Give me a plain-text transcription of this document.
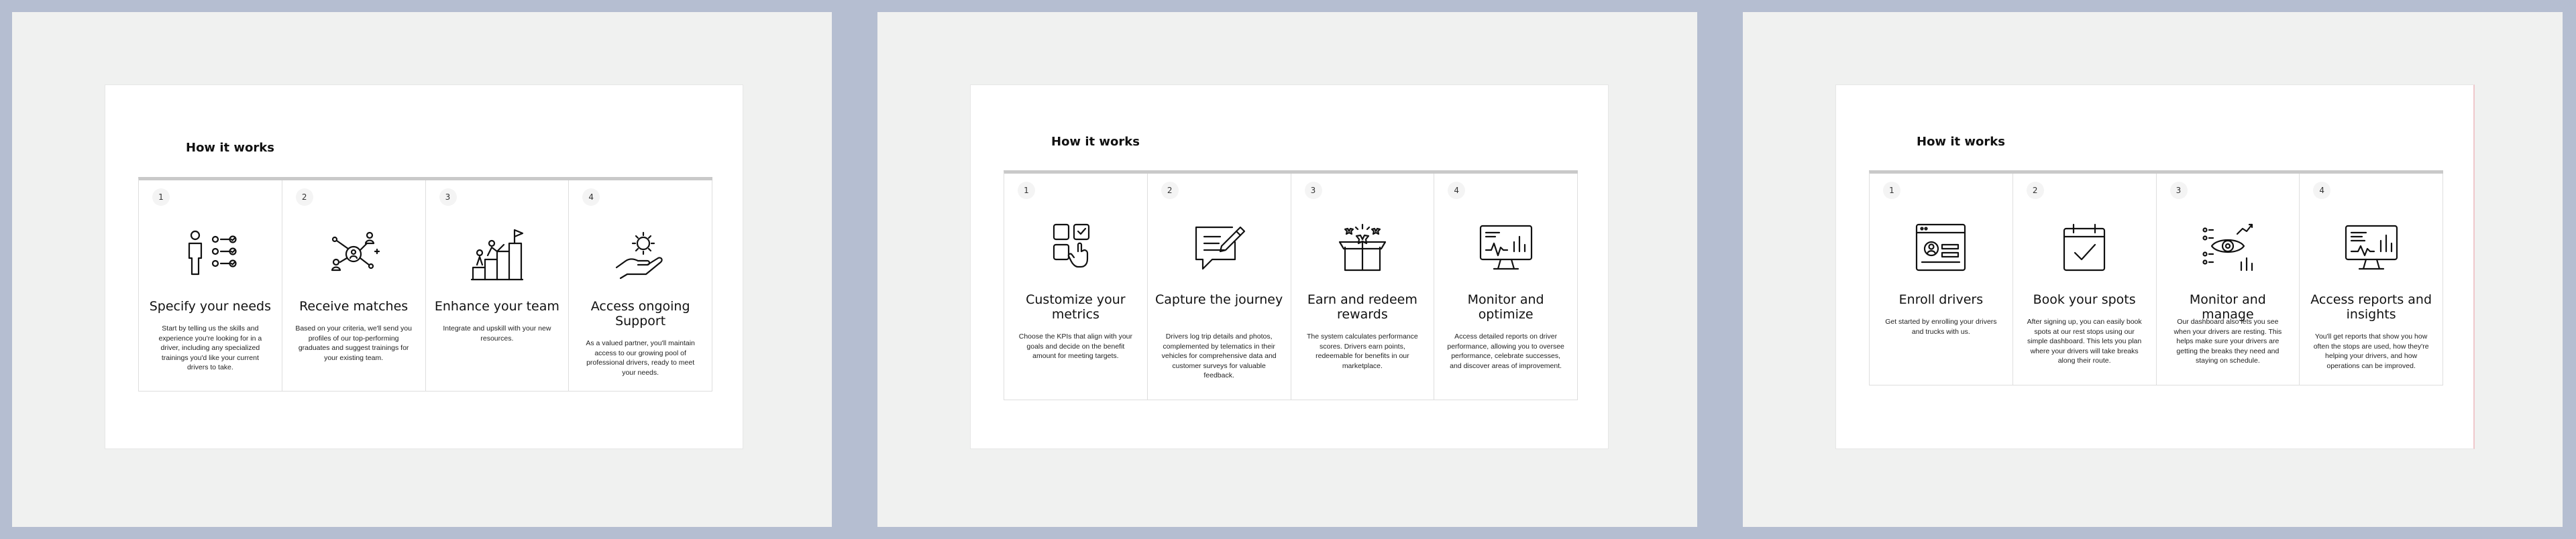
How it works
1
Specify your needs
Start by telling us the skills and experience you're looking for in a driver, including any specialized trainings you'd like your current drivers to take.
2
Receive matches
Based on your criteria, we'll send you profiles of our top-performing graduates and suggest trainings for your existing team.
3
Enhance your team
Integrate and upskill with your new resources.
4
Access ongoing Support
As a valued partner, you'll maintain access to our growing pool of professional drivers, ready to meet your needs.
How it works
1
Customize your metrics
Choose the KPIs that align with your goals and decide on the benefit amount for meeting targets.
2
Capture the journey
Drivers log trip details and photos, complemented by telematics in their vehicles for comprehensive data and customer surveys for valuable feedback.
3
Earn and redeem rewards
The system calculates performance scores. Drivers earn points, redeemable for benefits in our marketplace.
4
Monitor and optimize
Access detailed reports on driver performance, allowing you to oversee performance, celebrate successes, and discover areas of improvement.
How it works
1
Enroll drivers
Get started by enrolling your drivers and trucks with us.
2
Book your spots
After signing up, you can easily book spots at our rest stops using our simple dashboard. This lets you plan where your drivers will take breaks along their route.
3
Monitor and manage
Our dashboard also lets you see when your drivers are resting. This helps make sure your drivers are getting the breaks they need and staying on schedule.
4
Access reports and insights
You'll get reports that show you how often the stops are used, how they're helping your drivers, and how operations can be improved.
